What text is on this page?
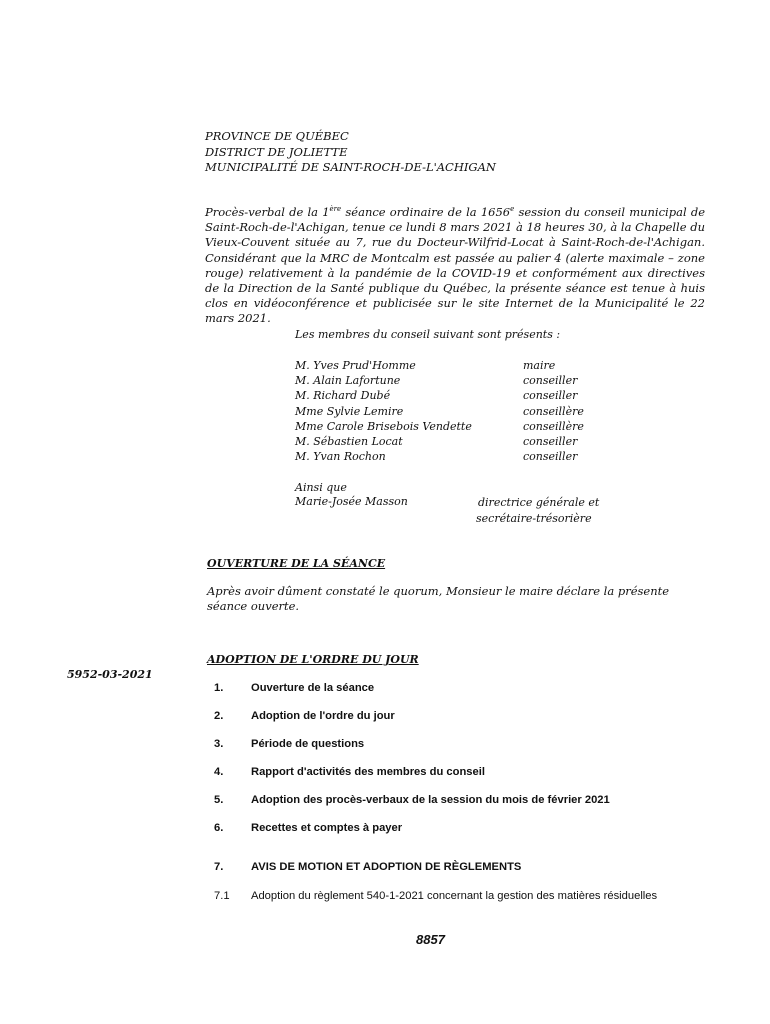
PROVINCE DE QUÉBEC
DISTRICT DE JOLIETTE
MUNICIPALITÉ DE SAINT-ROCH-DE-L'ACHIGAN
Procès-verbal de la 1ère séance ordinaire de la 1656e session du conseil municipal de Saint-Roch-de-l'Achigan, tenue ce lundi 8 mars 2021 à 18 heures 30, à la Chapelle du Vieux-Couvent située au 7, rue du Docteur-Wilfrid-Locat à Saint-Roch-de-l'Achigan. Considérant que la MRC de Montcalm est passée au palier 4 (alerte maximale – zone rouge) relativement à la pandémie de la COVID-19 et conformément aux directives de la Direction de la Santé publique du Québec, la présente séance est tenue à huis clos en vidéoconférence et publicisée sur le site Internet de la Municipalité le 22 mars 2021.
Les membres du conseil suivant sont présents :
M. Yves Prud'Homme	maire
M. Alain Lafortune	conseiller
M. Richard Dubé	conseiller
Mme Sylvie Lemire	conseillère
Mme Carole Brisebois Vendette	conseillère
M. Sébastien Locat	conseiller
M. Yvan Rochon	conseiller
Ainsi que
Marie-Josée Masson	directrice générale et
secrétaire-trésorière
OUVERTURE DE LA SÉANCE
Après avoir dûment constaté le quorum, Monsieur le maire déclare la présente séance ouverte.
ADOPTION DE L'ORDRE DU JOUR
5952-03-2021
1. Ouverture de la séance
2. Adoption de l'ordre du jour
3. Période de questions
4. Rapport d'activités des membres du conseil
5. Adoption des procès-verbaux de la session du mois de février 2021
6. Recettes et comptes à payer
7. AVIS DE MOTION ET ADOPTION DE RÈGLEMENTS
7.1 Adoption du règlement 540-1-2021 concernant la gestion des matières résiduelles
8857
